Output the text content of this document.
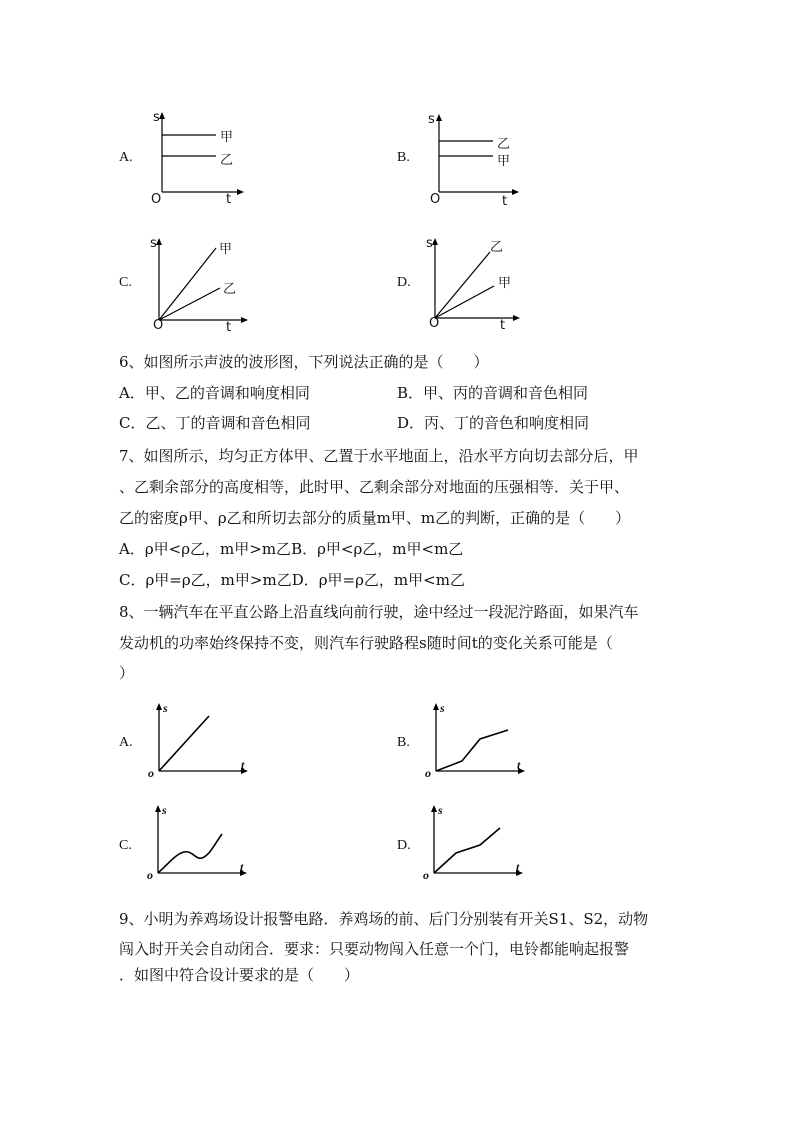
A.
s
t
O
甲
乙	B.
s
t
O
乙
甲
C.
s
t
O
甲
乙	D.
s
t
O
乙
甲
6、如图所示声波的波形图，下列说法正确的是（　　）
A．甲、乙的音调和响度相同	B．甲、丙的音调和音色相同
C．乙、丁的音调和音色相同	D．丙、丁的音色和响度相同
7、如图所示，均匀正方体甲、乙置于水平地面上，沿水平方向切去部分后，甲
、乙剩余部分的高度相等，此时甲、乙剩余部分对地面的压强相等．关于甲、
乙的密度ρ甲、ρ乙和所切去部分的质量m甲、m乙的判断，正确的是（　　）
A．ρ甲<ρ乙，m甲>m乙B．ρ甲<ρ乙，m甲<m乙
C．ρ甲=ρ乙，m甲>m乙D．ρ甲=ρ乙，m甲<m乙
8、一辆汽车在平直公路上沿直线向前行驶，途中经过一段泥泞路面，如果汽车
发动机的功率始终保持不变，则汽车行驶路程s随时间t的变化关系可能是（
）
A.
s
t
o
B.
s
t
o
C.
s
t
o
D.
s
t
o
9、小明为养鸡场设计报警电路．养鸡场的前、后门分别装有开关S1、S2，动物
闯入时开关会自动闭合．要求：只要动物闯入任意一个门，电铃都能响起报警
．如图中符合设计要求的是（　　）
